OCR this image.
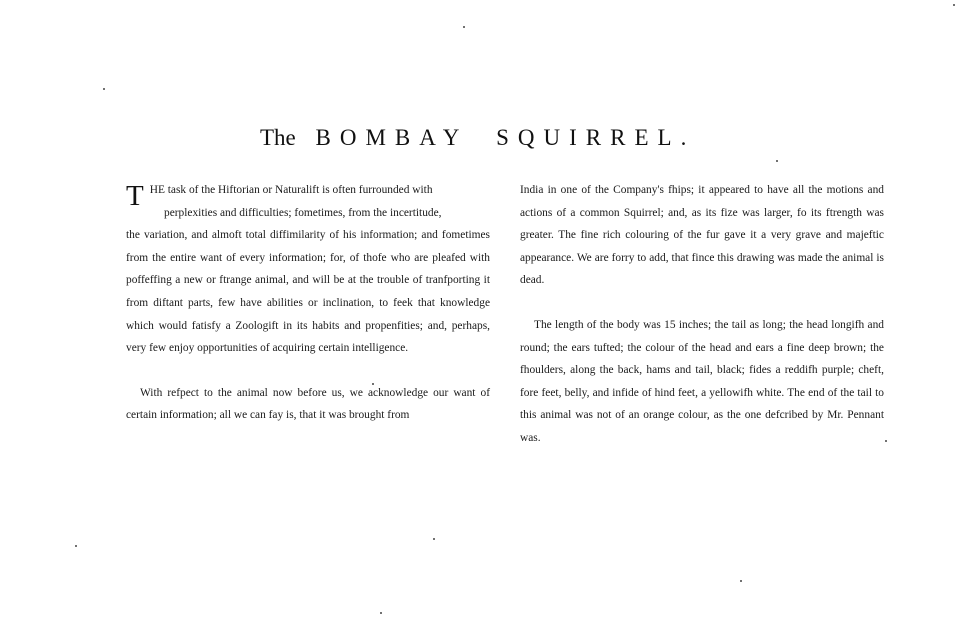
The BOMBAY SQUIRREL.

T HE task of the Hiftorian or Naturalift is often furrounded with
perplexities and difficulties; fometimes, from the incertitude,
the variation, and almoft total diffimilarity of his information; and fometimes from the entire want of every information; for, of thofe who are pleafed with poffeffing a new or ftrange animal, and will be at the trouble of tranfporting it from diftant parts, few have abilities or inclination, to feek that knowledge which would fatisfy a Zoologift in its habits and propenfities; and, perhaps, very few enjoy opportunities of acquiring certain intelligence.

With refpect to the animal now before us, we acknowledge our want of certain information; all we can fay is, that it was brought from

India in one of the Company's fhips; it appeared to have all the motions and actions of a common Squirrel; and, as its fize was larger, fo its ftrength was greater. The fine rich colouring of the fur gave it a very grave and majeftic appearance. We are forry to add, that fince this drawing was made the animal is dead.

The length of the body was 15 inches; the tail as long; the head longifh and round; the ears tufted; the colour of the head and ears a fine deep brown; the fhoulders, along the back, hams and tail, black; fides a reddifh purple; cheft, fore feet, belly, and infide of hind feet, a yellowifh white. The end of the tail to this animal was not of an orange colour, as the one defcribed by Mr. Pennant was.
